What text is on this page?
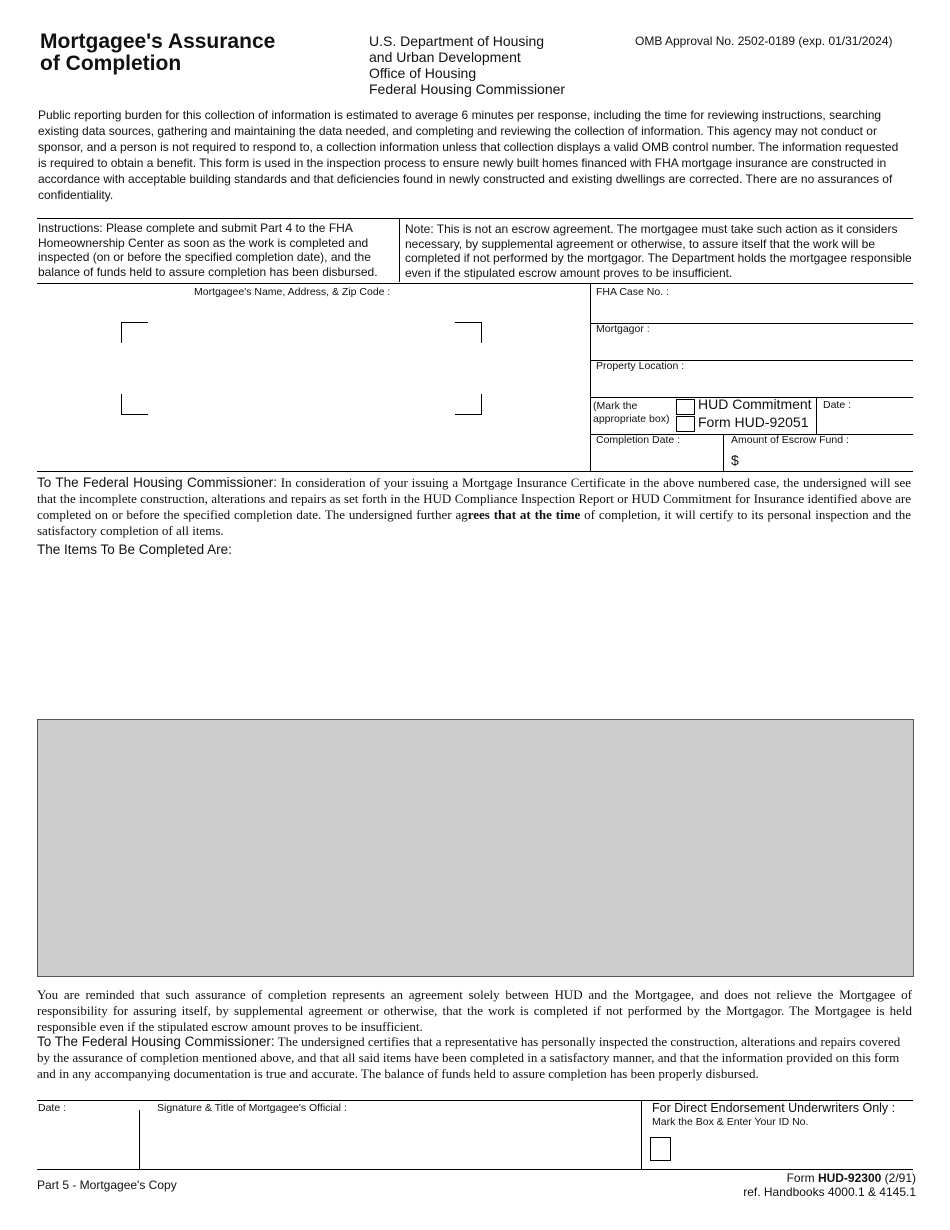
Mortgagee's Assurance
of Completion
U.S. Department of Housing
and Urban Development
Office of Housing
Federal Housing Commissioner
OMB Approval No. 2502-0189 (exp. 01/31/2024)
Public reporting burden for this collection of information is estimated to average 6 minutes per response, including the time for reviewing instructions, searching existing data sources, gathering and maintaining the data needed, and completing and reviewing the collection of information. This agency may not conduct or sponsor, and a person is not required to respond to, a collection information unless that collection displays a valid OMB control number. The information requested is required to obtain a benefit. This form is used in the inspection process to ensure newly built homes financed with FHA mortgage insurance are constructed in accordance with acceptable building standards and that deficiencies found in newly constructed and existing dwellings are corrected. There are no assurances of confidentiality.
Instructions: Please complete and submit Part 4 to the FHA Homeownership Center as soon as the work is completed and inspected (on or before the specified completion date), and the balance of funds held to assure completion has been disbursed.
Note: This is not an escrow agreement. The mortgagee must take such action as it considers necessary, by supplemental agreement or otherwise, to assure itself that the work will be completed if not performed by the mortgagor. The Department holds the mortgagee responsible even if the stipulated escrow amount proves to be insufficient.
Mortgagee's Name, Address, & Zip Code :	FHA Case No. :
Mortgagor :
Property Location :
(Mark the
appropriate box)
HUD Commitment
Form HUD-92051
Date :
Completion Date :	Amount of Escrow Fund :
$
To The Federal Housing Commissioner: In consideration of your issuing a Mortgage Insurance Certificate in the above numbered case, the undersigned will see that the incomplete construction, alterations and repairs as set forth in the HUD Compliance Inspection Report or HUD Commitment for Insurance identified above are completed on or before the specified completion date. The undersigned further agrees that at the time of completion, it will certify to its personal inspection and the satisfactory completion of all items.
The Items To Be Completed Are:
You are reminded that such assurance of completion represents an agreement solely between HUD and the Mortgagee, and does not relieve the Mortgagee of responsibility for assuring itself, by supplemental agreement or otherwise, that the work is completed if not performed by the Mortgagor. The Mortgagee is held responsible even if the stipulated escrow amount proves to be insufficient.
To The Federal Housing Commissioner: The undersigned certifies that a representative has personally inspected the construction, alterations and repairs covered by the assurance of completion mentioned above, and that all said items have been completed in a satisfactory manner, and that the information provided on this form and in any accompanying documentation is true and accurate. The balance of funds held to assure completion has been properly disbursed.
Date :	Signature & Title of Mortgagee's Official :	For Direct Endorsement Underwriters Only :
Mark the Box & Enter Your ID No.
Part 5 - Mortgagee's Copy	Form HUD-92300 (2/91)
ref. Handbooks 4000.1 & 4145.1
